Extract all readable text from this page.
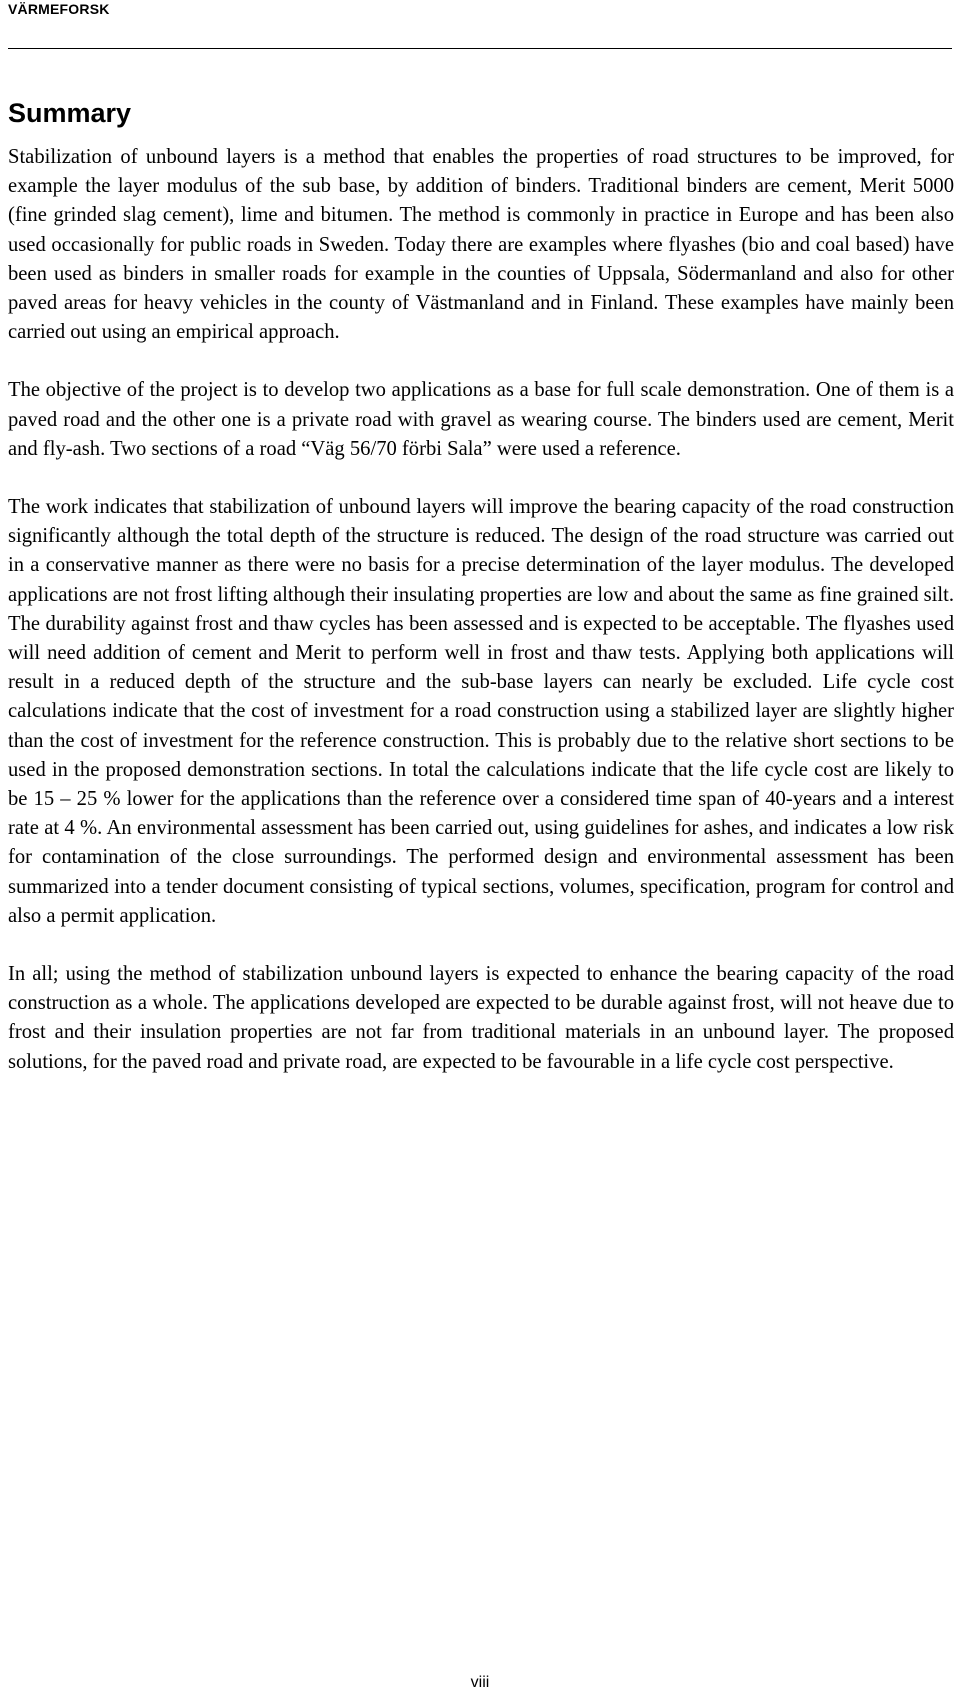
VÄRMEFORSK
Summary

Stabilization of unbound layers is a method that enables the properties of road structures to be improved, for example the layer modulus of the sub base, by addition of binders. Traditional binders are cement, Merit 5000 (fine grinded slag cement), lime and bitumen. The method is commonly in practice in Europe and has been also used occasionally for public roads in Sweden. Today there are examples where flyashes (bio and coal based) have been used as binders in smaller roads for example in the counties of Uppsala, Södermanland and also for other paved areas for heavy vehicles in the county of Västmanland and in Finland. These examples have mainly been carried out using an empirical approach.

The objective of the project is to develop two applications as a base for full scale demonstration. One of them is a paved road and the other one is a private road with gravel as wearing course. The binders used are cement, Merit and fly-ash. Two sections of a road “Väg 56/70 förbi Sala” were used a reference.

The work indicates that stabilization of unbound layers will improve the bearing capacity of the road construction significantly although the total depth of the structure is reduced. The design of the road structure was carried out in a conservative manner as there were no basis for a precise determination of the layer modulus. The developed applications are not frost lifting although their insulating properties are low and about the same as fine grained silt. The durability against frost and thaw cycles has been assessed and is expected to be acceptable. The flyashes used will need addition of cement and Merit to perform well in frost and thaw tests. Applying both applications will result in a reduced depth of the structure and the sub-base layers can nearly be excluded. Life cycle cost calculations indicate that the cost of investment for a road construction using a stabilized layer are slightly higher than the cost of investment for the reference construction. This is probably due to the relative short sections to be used in the proposed demonstration sections. In total the calculations indicate that the life cycle cost are likely to be 15 – 25 % lower for the applications than the reference over a considered time span of 40-years and a interest rate at 4 %. An environmental assessment has been carried out, using guidelines for ashes, and indicates a low risk for contamination of the close surroundings. The performed design and environmental assessment has been summarized into a tender document consisting of typical sections, volumes, specification, program for control and also a permit application.

In all; using the method of stabilization unbound layers is expected to enhance the bearing capacity of the road construction as a whole. The applications developed are expected to be durable against frost, will not heave due to frost and their insulation properties are not far from traditional materials in an unbound layer. The proposed solutions, for the paved road and private road, are expected to be favourable in a life cycle cost perspective.

viii
